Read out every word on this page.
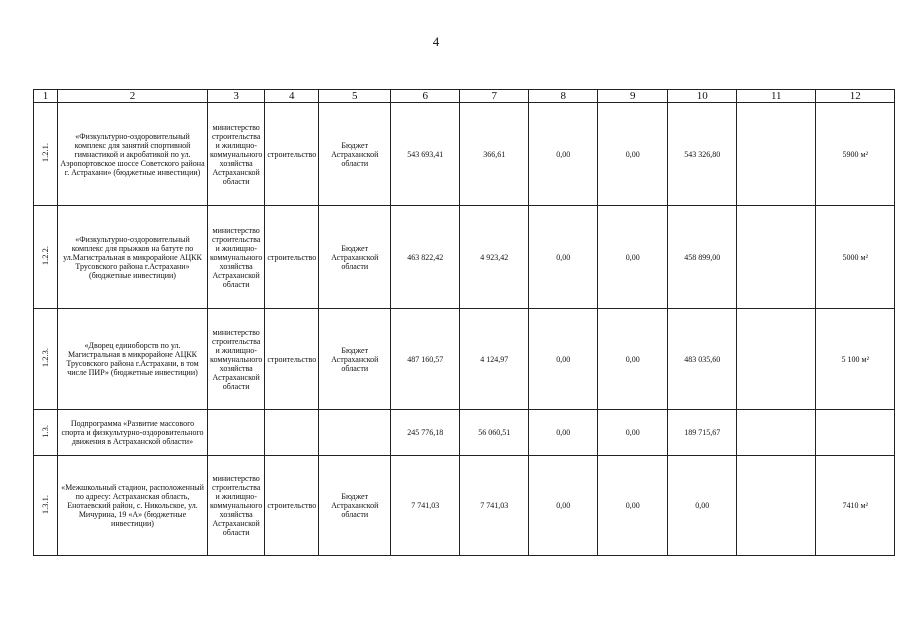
4
1	2	3	4	5	6	7	8	9	10	11	12
1.2.1.	«Физкультурно-оздоровительный комплекс для занятий спортивной гимнастикой и акробатикой по ул. Аэропортовское шоссе Советского района г. Астрахани» (бюджетные инвестиции)	министерство строительства и жилищно-коммунального хозяйства Астраханской области	строительство	Бюджет Астраханской области	543 693,41	366,61	0,00	0,00	543 326,80		5900 м²
1.2.2.	«Физкультурно-оздоровительный комплекс для прыжков на батуте по ул.Магистральная в микрорайоне АЦКК Трусовского района г.Астрахани» (бюджетные инвестиции)	министерство строительства и жилищно-коммунального хозяйства Астраханской области	строительство	Бюджет Астраханской области	463 822,42	4 923,42	0,00	0,00	458 899,00		5000 м²
1.2.3.	«Дворец единоборств по ул. Магистральная в микрорайоне АЦКК Трусовского района г.Астрахани, в том числе ПИР» (бюджетные инвестиции)	министерство строительства и жилищно-коммунального хозяйства Астраханской области	строительство	Бюджет Астраханской области	487 160,57	4 124,97	0,00	0,00	483 035,60		5 100 м²
1.3.	Подпрограмма «Развитие массового спорта и физкультурно-оздоровительного движения в Астраханской области»				245 776,18	56 060,51	0,00	0,00	189 715,67		
1.3.1.	«Межшкольный стадион, расположенный по адресу: Астраханская область, Енотаевский район, с. Никольское, ул. Мичурина, 19 «А» (бюджетные инвестиции)	министерство строительства и жилищно-коммунального хозяйства Астраханской области	строительство	Бюджет Астраханской области	7 741,03	7 741,03	0,00	0,00	0,00		7410 м²
